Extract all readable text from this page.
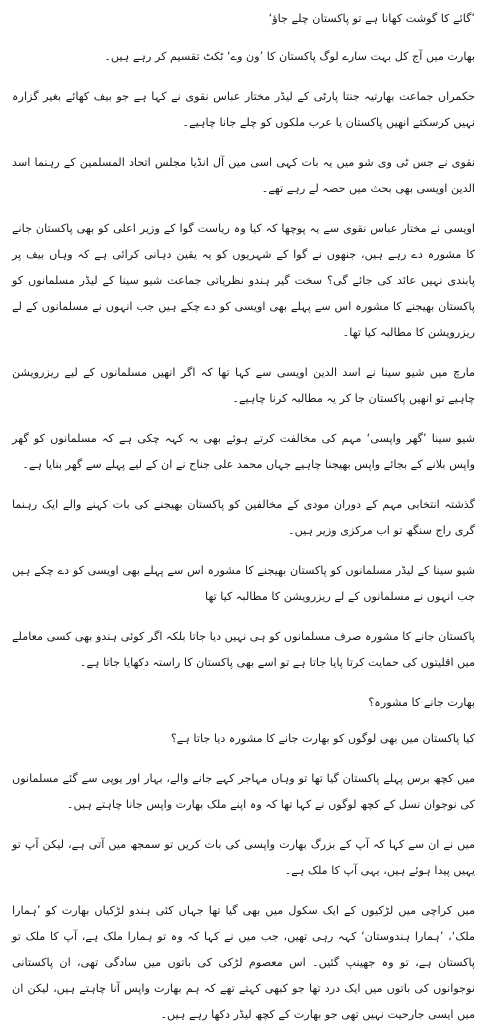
’گائے کا گوشت کھانا ہے تو پاکستان چلے جاؤ‘

بھارت میں آج کل بہت سارے لوگ پاکستان کا ’ون وے‘ ٹکٹ تقسیم کر رہے ہیں۔

حکمراں جماعت بھارتیہ جنتا پارٹی کے لیڈر مختار عباس نقوی نے کہا ہے جو بیف کھائے بغیر گزارہ نہیں کرسکتے انھیں پاکستان یا عرب ملکوں کو چلے جانا چاہیے۔

نقوی نے جس ٹی وی شو میں یہ بات کہی اسی میں آل انڈیا مجلس اتحاد المسلمین کے رہنما اسد الدین اویسی بھی بحث میں حصہ لے رہے تھے۔

اویسی نے مختار عباس نقوی سے یہ پوچھا کہ کیا وہ ریاست گوا کے وزیر اعلی کو بھی پاکستان جانے کا مشورہ دے رہے ہیں، جنھوں نے گوا کے شہریوں کو یہ یقین دہانی کرائی ہے کہ وہاں بیف پر پابندی نہیں عائد کی جائے گی؟ سخت گیر ہندو نظریاتی جماعت شیو سینا کے لیڈر مسلمانوں کو پاکستان بھیجنے کا مشورہ اس سے پہلے بھی اویسی کو دے چکے ہیں جب انہوں نے مسلمانوں کے لے ریزرویشن کا مطالبہ کیا تھا۔

مارچ میں شیو سینا نے اسد الدین اویسی سے کہا تھا کہ اگر انھیں مسلمانوں کے لیے ریزرویشن چاہیے تو انھیں پاکستان جا کر یہ مطالبہ کرنا چاہیے۔

شیو سینا ’گھر واپسی‘ مہم کی مخالفت کرتے ہوئے بھی یہ کہہ چکی ہے کہ مسلمانوں کو گھر واپس بلانے کے بجائے واپس بھیجنا چاہیے جہاں محمد علی جناح نے ان کے لیے پہلے سے گھر بنایا ہے۔

گذشتہ انتخابی مہم کے دوران مودی کے مخالفین کو پاکستان بھیجنے کی بات کہنے والے ایک رہنما گری راج سنگھ تو اب مرکزی وزیر ہیں۔

شیو سینا کے لیڈر مسلمانوں کو پاکستان بھیجنے کا مشورہ اس سے پہلے بھی اویسی کو دے چکے ہیں جب انہوں نے مسلمانوں کے لے ریزرویشن کا مطالبہ کیا تھا

پاکستان جانے کا مشورہ صرف مسلمانوں کو ہی نہیں دیا جاتا بلکہ اگر کوئی ہندو بھی کسی معاملے میں اقلیتوں کی حمایت کرتا پایا جاتا ہے تو اسے بھی پاکستان کا راستہ دکھایا جاتا ہے۔

بھارت جانے کا مشورہ؟

کیا پاکستان میں بھی لوگوں کو بھارت جانے کا مشورہ دیا جاتا ہے؟

میں کچھ برس پہلے پاکستان گیا تھا تو وہاں مہاجر کہے جانے والے، بہار اور یوپی سے گئے مسلمانوں کی نوجوان نسل کے کچھ لوگوں نے کہا تھا کہ وہ اپنے ملک بھارت واپس جانا چاہتے ہیں۔

میں نے ان سے کہا کہ آپ کے بزرگ بھارت واپسی کی بات کریں تو سمجھ میں آتی ہے، لیکن آپ تو یہیں پیدا ہوئے ہیں، یہی آپ کا ملک ہے۔

میں کراچی میں لڑکیوں کے ایک سکول میں بھی گیا تھا جہاں کئی ہندو لڑکیاں بھارت کو ’ہمارا ملک‘، ’ہمارا ہندوستان‘ کہہ رہی تھیں، جب میں نے کہا کہ وہ تو ہمارا ملک ہے، آپ کا ملک تو پاکستان ہے، تو وہ جھینپ گئیں۔ اس معصوم لڑکی کی باتوں میں سادگی تھی، ان پاکستانی نوجوانوں کی باتوں میں ایک درد تھا جو کبھی کہتے تھے کہ ہم بھارت واپس آنا چاہتے ہیں، لیکن ان میں ایسی جارحیت نہیں تھی جو بھارت کے کچھ لیڈر دکھا رہے ہیں۔
